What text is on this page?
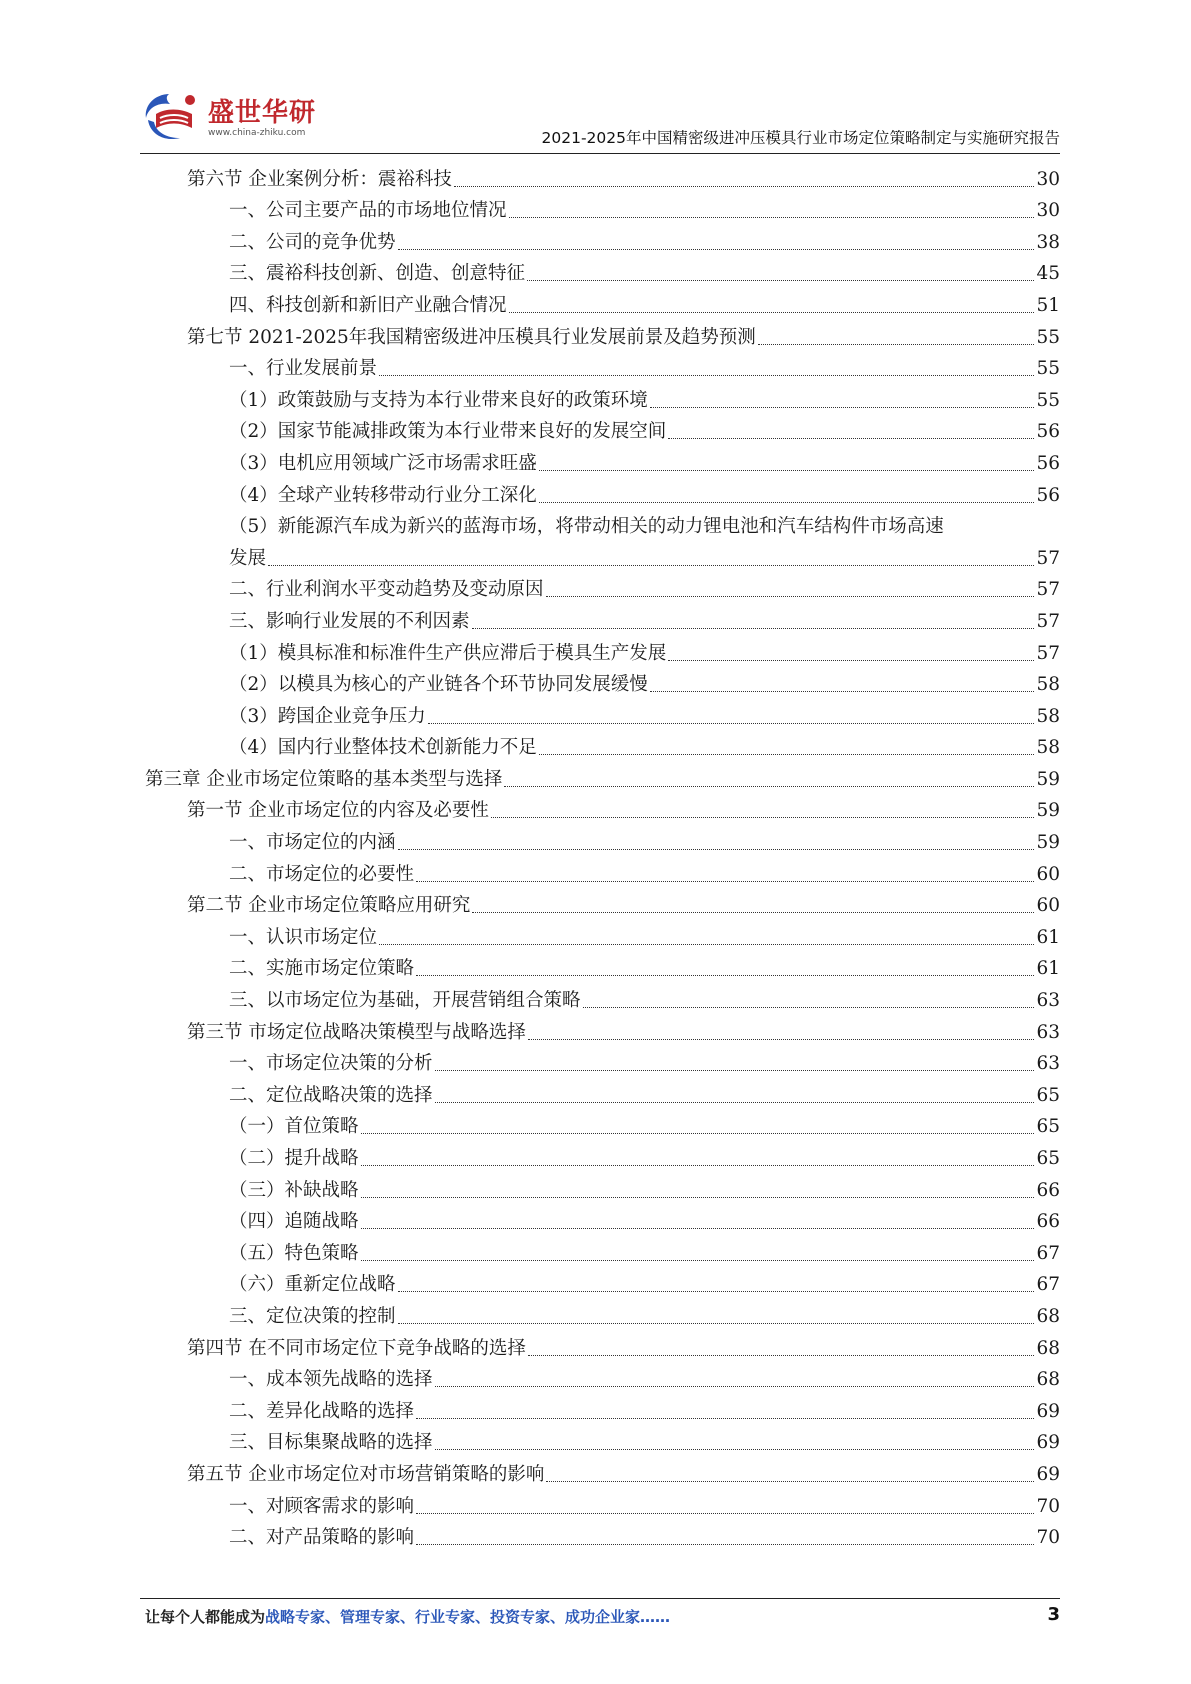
盛世华研
www.china-zhiku.com	2021-2025年中国精密级进冲压模具行业市场定位策略制定与实施研究报告
第六节 企业案例分析：震裕科技	30
一、公司主要产品的市场地位情况	30
二、公司的竞争优势	38
三、震裕科技创新、创造、创意特征	45
四、科技创新和新旧产业融合情况	51
第七节 2021-2025年我国精密级进冲压模具行业发展前景及趋势预测	55
一、行业发展前景	55
（1）政策鼓励与支持为本行业带来良好的政策环境	55
（2）国家节能减排政策为本行业带来良好的发展空间	56
（3）电机应用领域广泛市场需求旺盛	56
（4）全球产业转移带动行业分工深化	56
（5）新能源汽车成为新兴的蓝海市场，将带动相关的动力锂电池和汽车结构件市场高速
发展	57
二、行业利润水平变动趋势及变动原因	57
三、影响行业发展的不利因素	57
（1）模具标准和标准件生产供应滞后于模具生产发展	57
（2）以模具为核心的产业链各个环节协同发展缓慢	58
（3）跨国企业竞争压力	58
（4）国内行业整体技术创新能力不足	58
第三章 企业市场定位策略的基本类型与选择	59
第一节 企业市场定位的内容及必要性	59
一、市场定位的内涵	59
二、市场定位的必要性	60
第二节 企业市场定位策略应用研究	60
一、认识市场定位	61
二、实施市场定位策略	61
三、以市场定位为基础，开展营销组合策略	63
第三节 市场定位战略决策模型与战略选择	63
一、市场定位决策的分析	63
二、定位战略决策的选择	65
（一）首位策略	65
（二）提升战略	65
（三）补缺战略	66
（四）追随战略	66
（五）特色策略	67
（六）重新定位战略	67
三、定位决策的控制	68
第四节 在不同市场定位下竞争战略的选择	68
一、成本领先战略的选择	68
二、差异化战略的选择	69
三、目标集聚战略的选择	69
第五节 企业市场定位对市场营销策略的影响	69
一、对顾客需求的影响	70
二、对产品策略的影响	70
让每个人都能成为战略专家、管理专家、行业专家、投资专家、成功企业家……	3
